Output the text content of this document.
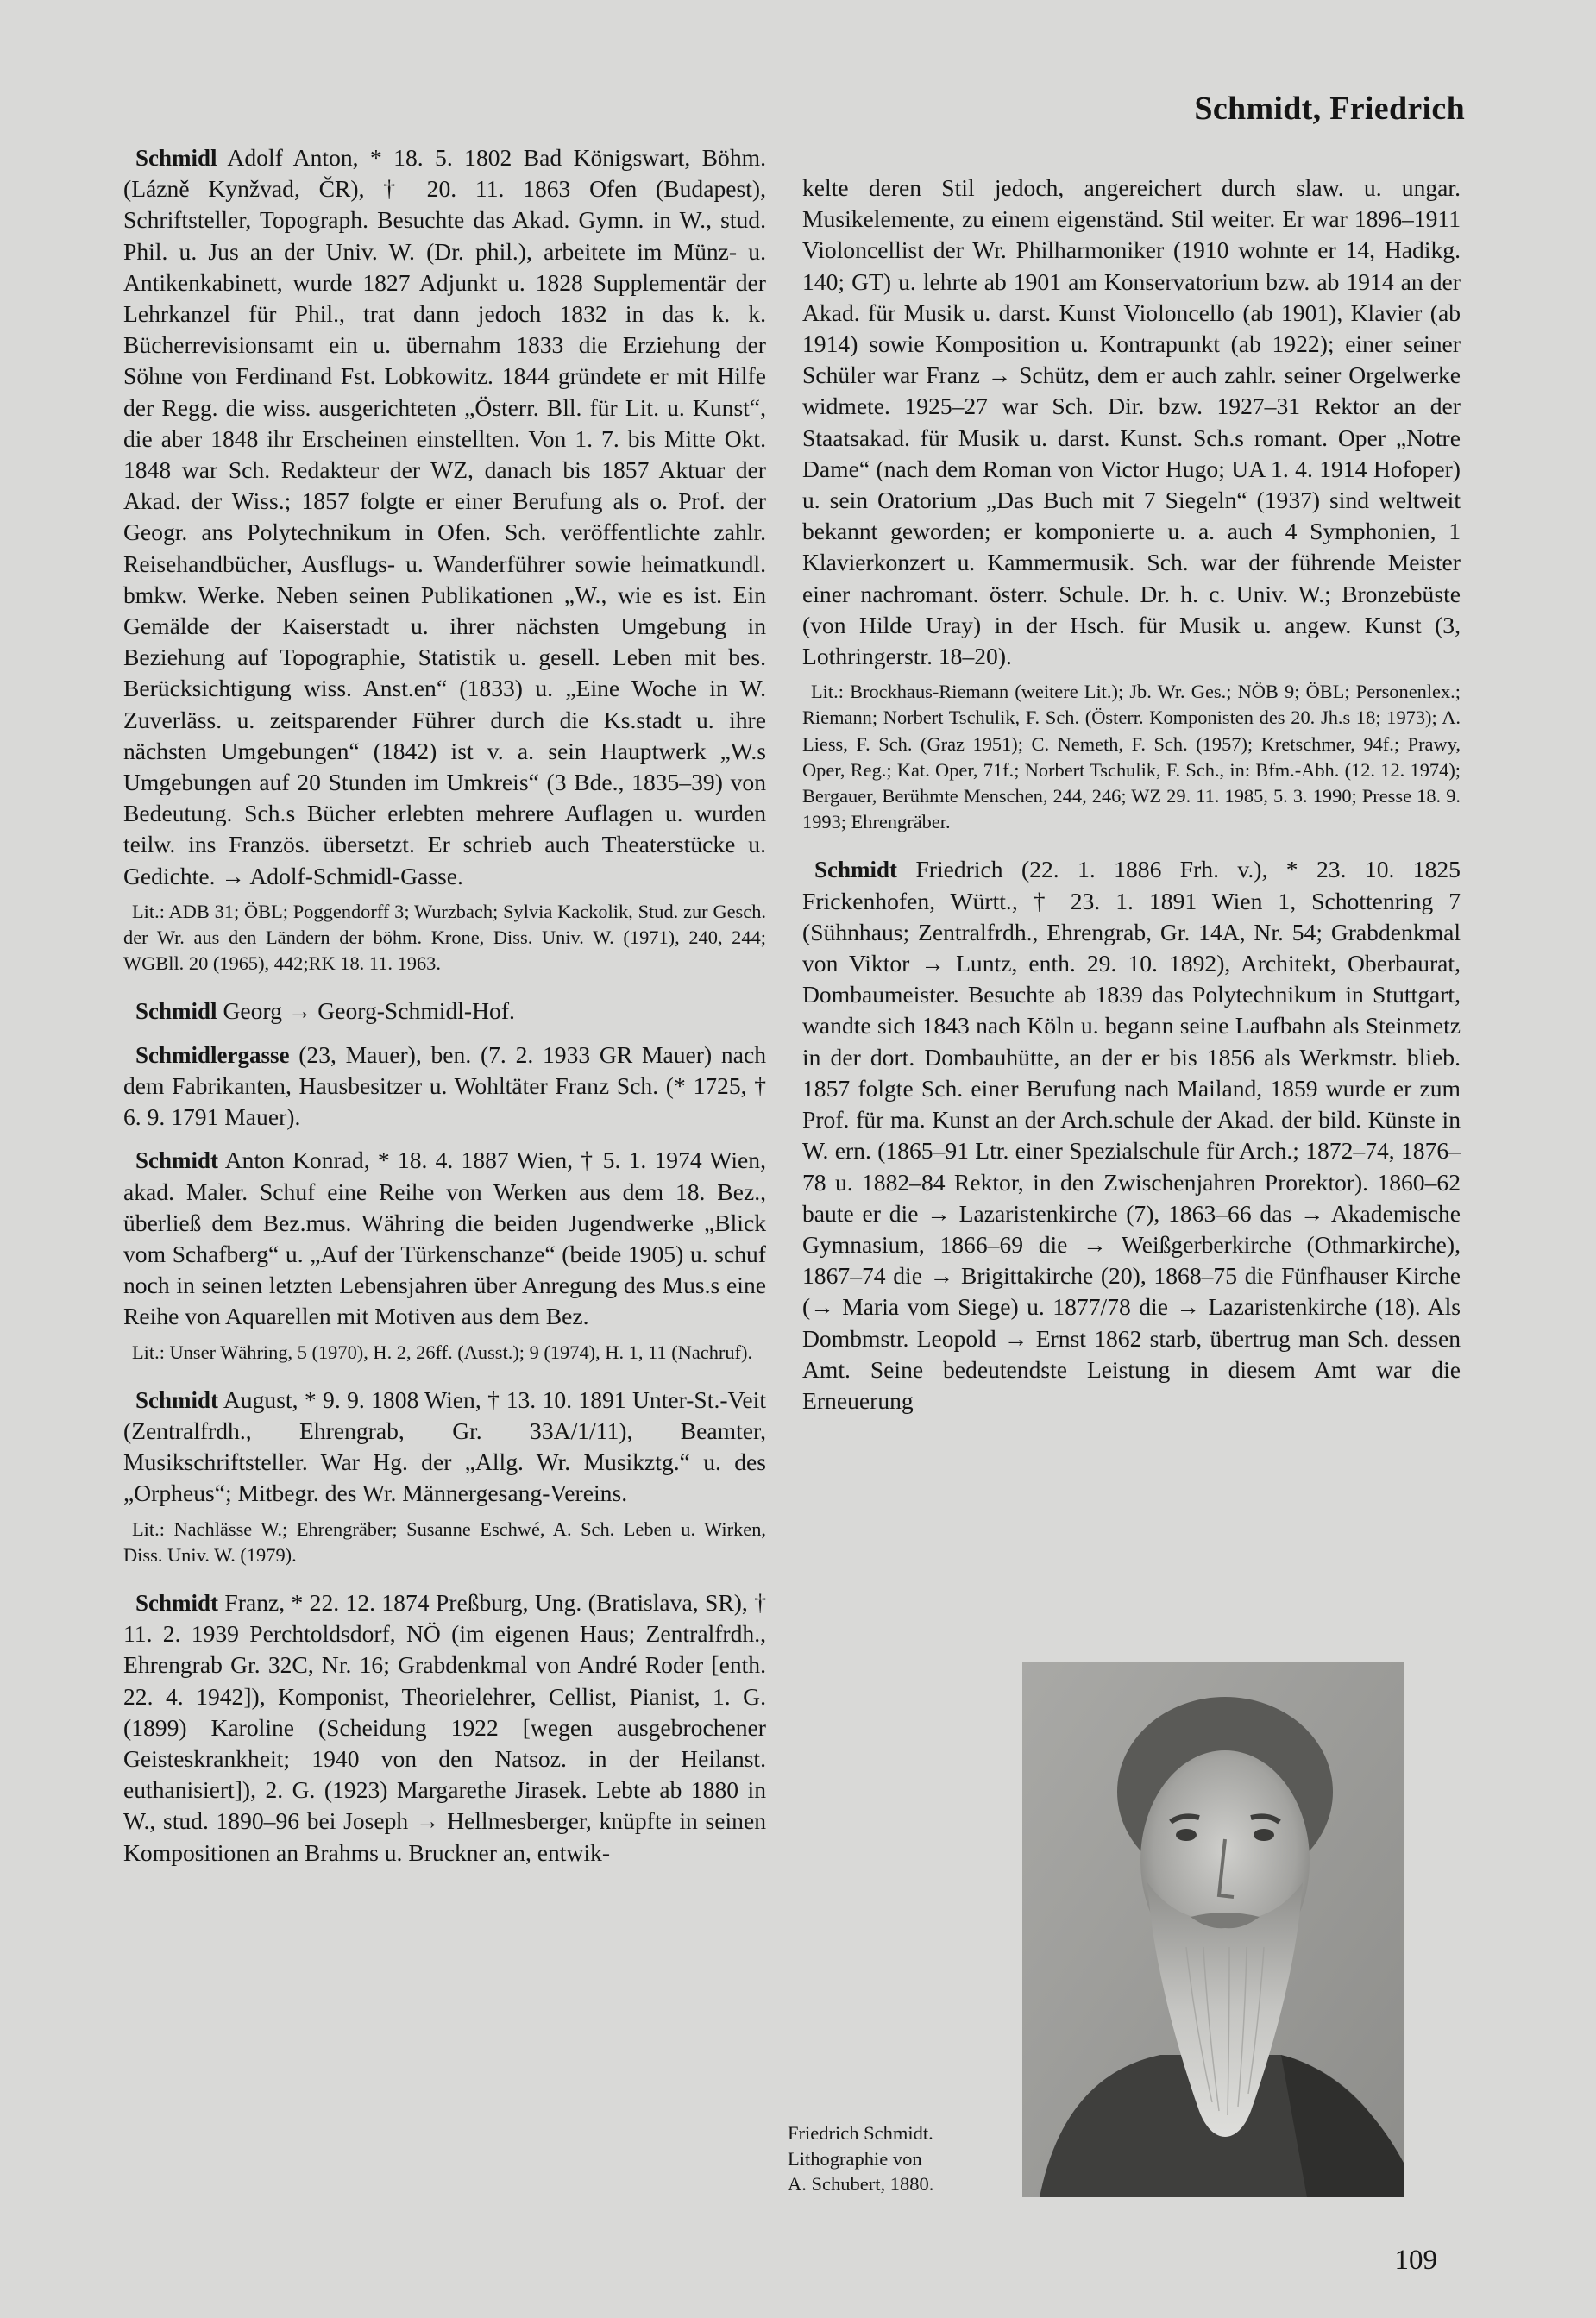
Schmidt, Friedrich

Schmidl Adolf Anton, * 18. 5. 1802 Bad Königswart, Böhm. (Lázně Kynžvad, ČR), † 20. 11. 1863 Ofen (Budapest), Schriftsteller, Topograph. Besuchte das Akad. Gymn. in W., stud. Phil. u. Jus an der Univ. W. (Dr. phil.), arbeitete im Münz- u. Antikenkabinett, wurde 1827 Adjunkt u. 1828 Supplementär der Lehrkanzel für Phil., trat dann jedoch 1832 in das k. k. Bücherrevisionsamt ein u. übernahm 1833 die Erziehung der Söhne von Ferdinand Fst. Lobkowitz. 1844 gründete er mit Hilfe der Regg. die wiss. ausgerichteten „Österr. Bll. für Lit. u. Kunst“, die aber 1848 ihr Erscheinen einstellten. Von 1. 7. bis Mitte Okt. 1848 war Sch. Redakteur der WZ, danach bis 1857 Aktuar der Akad. der Wiss.; 1857 folgte er einer Berufung als o. Prof. der Geogr. ans Polytechnikum in Ofen. Sch. veröffentlichte zahlr. Reisehandbücher, Ausflugs- u. Wanderführer sowie heimatkundl. bmkw. Werke. Neben seinen Publikationen „W., wie es ist. Ein Gemälde der Kaiserstadt u. ihrer nächsten Umgebung in Beziehung auf Topographie, Statistik u. gesell. Leben mit bes. Berücksichtigung wiss. Anst.en“ (1833) u. „Eine Woche in W. Zuverläss. u. zeitsparender Führer durch die Ks.stadt u. ihre nächsten Umgebungen“ (1842) ist v. a. sein Hauptwerk „W.s Umgebungen auf 20 Stunden im Umkreis“ (3 Bde., 1835–39) von Bedeutung. Sch.s Bücher erlebten mehrere Auflagen u. wurden teilw. ins Französ. übersetzt. Er schrieb auch Theaterstücke u. Gedichte. → Adolf-Schmidl-Gasse.

Lit.: ADB 31; ÖBL; Poggendorff 3; Wurzbach; Sylvia Kackolik, Stud. zur Gesch. der Wr. aus den Ländern der böhm. Krone, Diss. Univ. W. (1971), 240, 244; WGBll. 20 (1965), 442;RK 18. 11. 1963.

Schmidl Georg → Georg-Schmidl-Hof.

Schmidlergasse (23, Mauer), ben. (7. 2. 1933 GR Mauer) nach dem Fabrikanten, Hausbesitzer u. Wohltäter Franz Sch. (* 1725, † 6. 9. 1791 Mauer).

Schmidt Anton Konrad, * 18. 4. 1887 Wien, † 5. 1. 1974 Wien, akad. Maler. Schuf eine Reihe von Werken aus dem 18. Bez., überließ dem Bez.mus. Währing die beiden Jugendwerke „Blick vom Schafberg“ u. „Auf der Türkenschanze“ (beide 1905) u. schuf noch in seinen letzten Lebensjahren über Anregung des Mus.s eine Reihe von Aquarellen mit Motiven aus dem Bez.

Lit.: Unser Währing, 5 (1970), H. 2, 26ff. (Ausst.); 9 (1974), H. 1, 11 (Nachruf).

Schmidt August, * 9. 9. 1808 Wien, † 13. 10. 1891 Unter-St.-Veit (Zentralfrdh., Ehrengrab, Gr. 33A/1/11), Beamter, Musikschriftsteller. War Hg. der „Allg. Wr. Musikztg.“ u. des „Orpheus“; Mitbegr. des Wr. Männergesang-Vereins.

Lit.: Nachlässe W.; Ehrengräber; Susanne Eschwé, A. Sch. Leben u. Wirken, Diss. Univ. W. (1979).

Schmidt Franz, * 22. 12. 1874 Preßburg, Ung. (Bratislava, SR), † 11. 2. 1939 Perchtoldsdorf, NÖ (im eigenen Haus; Zentralfrdh., Ehrengrab Gr. 32C, Nr. 16; Grabdenkmal von André Roder [enth. 22. 4. 1942]), Komponist, Theorielehrer, Cellist, Pianist, 1. G. (1899) Karoline (Scheidung 1922 [wegen ausgebrochener Geisteskrankheit; 1940 von den Natsoz. in der Heilanst. euthanisiert]), 2. G. (1923) Margarethe Jirasek. Lebte ab 1880 in W., stud. 1890–96 bei Joseph → Hellmesberger, knüpfte in seinen Kompositionen an Brahms u. Bruckner an, entwik-

kelte deren Stil jedoch, angereichert durch slaw. u. ungar. Musikelemente, zu einem eigenständ. Stil weiter. Er war 1896–1911 Violoncellist der Wr. Philharmoniker (1910 wohnte er 14, Hadikg. 140; GT) u. lehrte ab 1901 am Konservatorium bzw. ab 1914 an der Akad. für Musik u. darst. Kunst Violoncello (ab 1901), Klavier (ab 1914) sowie Komposition u. Kontrapunkt (ab 1922); einer seiner Schüler war Franz → Schütz, dem er auch zahlr. seiner Orgelwerke widmete. 1925–27 war Sch. Dir. bzw. 1927–31 Rektor an der Staatsakad. für Musik u. darst. Kunst. Sch.s romant. Oper „Notre Dame“ (nach dem Roman von Victor Hugo; UA 1. 4. 1914 Hofoper) u. sein Oratorium „Das Buch mit 7 Siegeln“ (1937) sind weltweit bekannt geworden; er komponierte u. a. auch 4 Symphonien, 1 Klavierkonzert u. Kammermusik. Sch. war der führende Meister einer nachromant. österr. Schule. Dr. h. c. Univ. W.; Bronzebüste (von Hilde Uray) in der Hsch. für Musik u. angew. Kunst (3, Lothringerstr. 18–20).

Lit.: Brockhaus-Riemann (weitere Lit.); Jb. Wr. Ges.; NÖB 9; ÖBL; Personenlex.; Riemann; Norbert Tschulik, F. Sch. (Österr. Komponisten des 20. Jh.s 18; 1973); A. Liess, F. Sch. (Graz 1951); C. Nemeth, F. Sch. (1957); Kretschmer, 94f.; Prawy, Oper, Reg.; Kat. Oper, 71f.; Norbert Tschulik, F. Sch., in: Bfm.-Abh. (12. 12. 1974); Bergauer, Berühmte Menschen, 244, 246; WZ 29. 11. 1985, 5. 3. 1990; Presse 18. 9. 1993; Ehrengräber.

Schmidt Friedrich (22. 1. 1886 Frh. v.), * 23. 10. 1825 Frickenhofen, Württ., † 23. 1. 1891 Wien 1, Schottenring 7 (Sühnhaus; Zentralfrdh., Ehrengrab, Gr. 14A, Nr. 54; Grabdenkmal von Viktor → Luntz, enth. 29. 10. 1892), Architekt, Oberbaurat, Dombaumeister. Besuchte ab 1839 das Polytechnikum in Stuttgart, wandte sich 1843 nach Köln u. begann seine Laufbahn als Steinmetz in der dort. Dombauhütte, an der er bis 1856 als Werkmstr. blieb. 1857 folgte Sch. einer Berufung nach Mailand, 1859 wurde er zum Prof. für ma. Kunst an der Arch.schule der Akad. der bild. Künste in W. ern. (1865–91 Ltr. einer Spezialschule für Arch.; 1872–74, 1876–78 u. 1882–84 Rektor, in den Zwischenjahren Prorektor). 1860–62 baute er die → Lazaristenkirche (7), 1863–66 das → Akademische Gymnasium, 1866–69 die → Weißgerberkirche (Othmarkirche), 1867–74 die → Brigittakirche (20), 1868–75 die Fünfhauser Kirche (→ Maria vom Siege) u. 1877/78 die → Lazaristenkirche (18). Als Dombmstr. Leopold → Ernst 1862 starb, übertrug man Sch. dessen Amt. Seine bedeutendste Leistung in diesem Amt war die Erneuerung

Friedrich Schmidt.

Lithographie von

A. Schubert, 1880.

109
